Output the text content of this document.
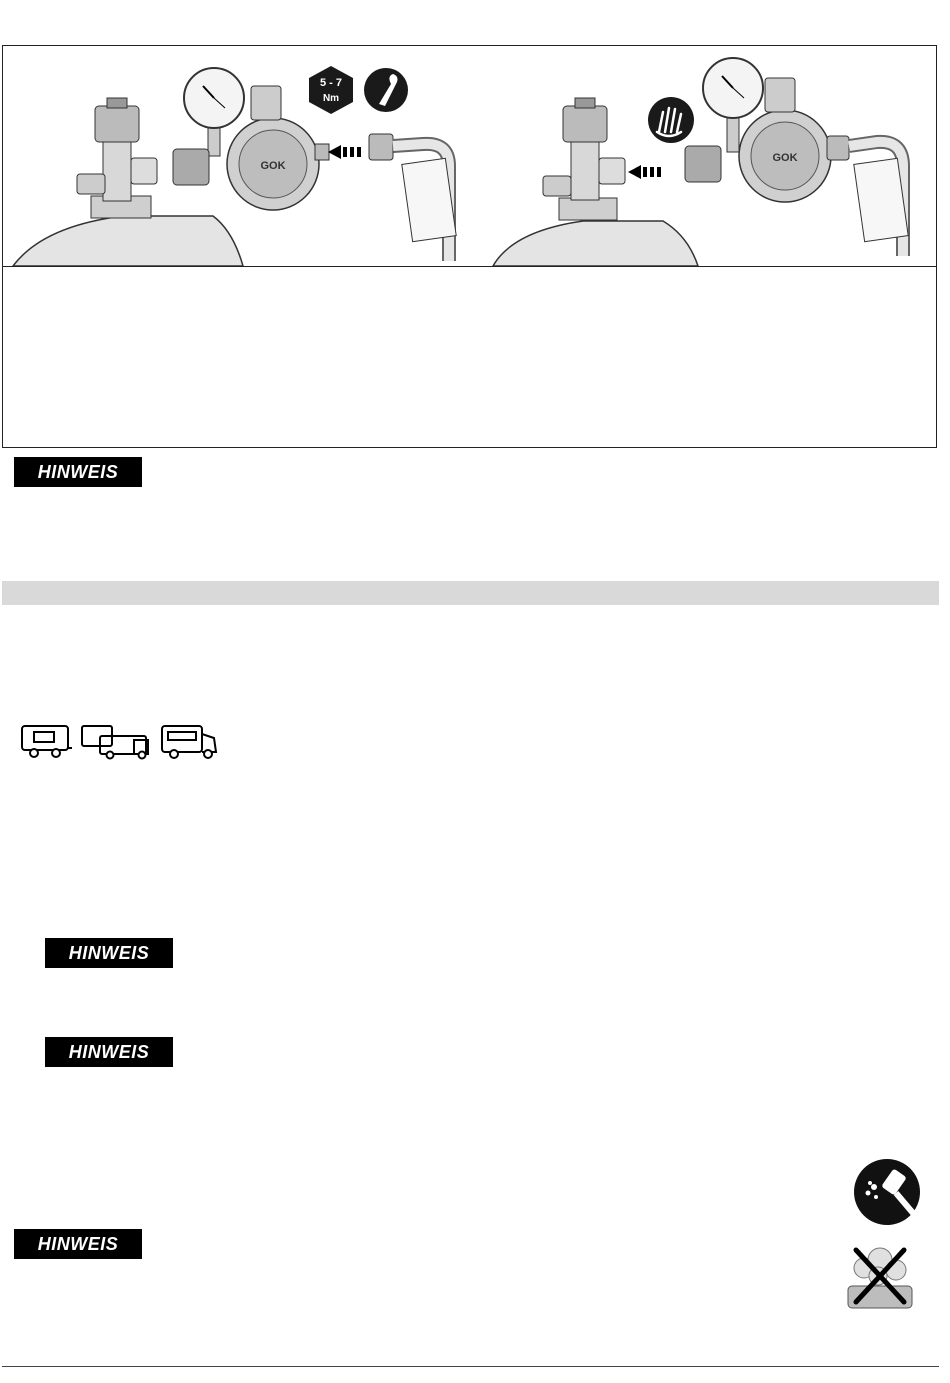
GOK
5 - 7
Nm
GOK
HINWEIS
HINWEIS
HINWEIS
HINWEIS
